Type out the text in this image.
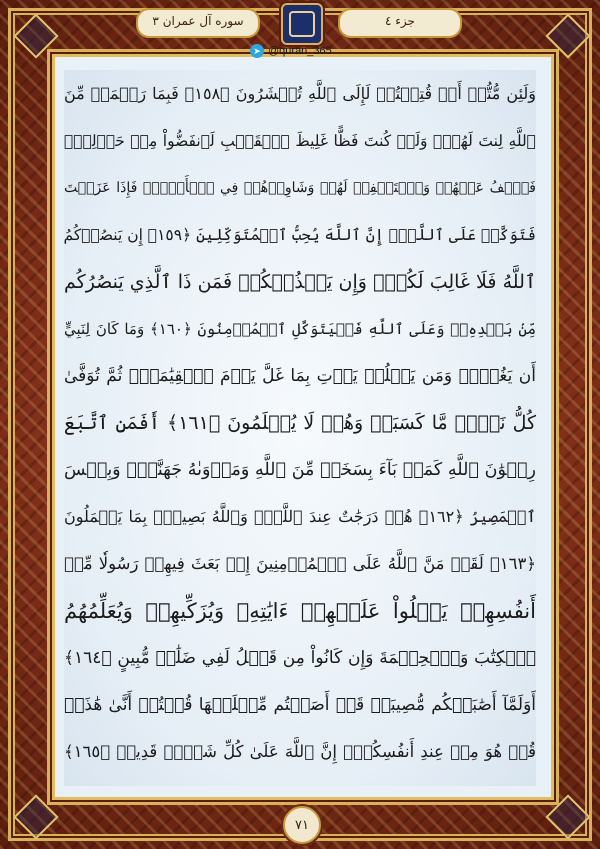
جزء ٤
سوره آل عمران ٣
وَلَئِن مُّتُّمۡ أَوۡ قُتِلۡتُمۡ لَإِلَى ٱللَّهِ تُحۡشَرُونَ ﴿١٥٨﴾ فَبِمَا رَحۡمَةٖ مِّنَ
ٱللَّهِ لِنتَ لَهُمۡۖ وَلَوۡ كُنتَ فَظًّا غَلِيظَ ٱلۡقَلۡبِ لَٱنفَضُّواْ مِنۡ حَوۡلِكَۖ
فَٱعۡفُ عَنۡهُمۡ وَٱسۡتَغۡفِرۡ لَهُمۡ وَشَاوِرۡهُمۡ فِي ٱلۡأَمۡرِۖ فَإِذَا عَزَمۡتَ
فَتَوَكَّلۡ عَلَى ٱللَّهِۚ إِنَّ ٱللَّهَ يُحِبُّ ٱلۡمُتَوَكِّلِينَ ﴿١٥٩﴾ إِن يَنصُرۡكُمُ
ٱللَّهُ فَلَا غَالِبَ لَكُمۡۖ وَإِن يَخۡذُلۡكُمۡ فَمَن ذَا ٱلَّذِي يَنصُرُكُم
مِّنۢ بَعۡدِهِۦۗ وَعَلَى ٱللَّهِ فَلۡيَتَوَكَّلِ ٱلۡمُؤۡمِنُونَ ﴿١٦٠﴾ وَمَا كَانَ لِنَبِيٍّ
أَن يَغُلَّۚ وَمَن يَغۡلُلۡ يَأۡتِ بِمَا غَلَّ يَوۡمَ ٱلۡقِيَٰمَةِۚ ثُمَّ تُوَفَّىٰ
كُلُّ نَفۡسٖ مَّا كَسَبَتۡ وَهُمۡ لَا يُظۡلَمُونَ ﴿١٦١﴾ أَفَمَنِ ٱتَّبَعَ
رِضۡوَٰنَ ٱللَّهِ كَمَنۢ بَآءَ بِسَخَطٖ مِّنَ ٱللَّهِ وَمَأۡوَىٰهُ جَهَنَّمُۖ وَبِئۡسَ
ٱلۡمَصِيرُ ﴿١٦٢﴾ هُمۡ دَرَجَٰتٌ عِندَ ٱللَّهِۗ وَٱللَّهُ بَصِيرُۢ بِمَا يَعۡمَلُونَ
﴿١٦٣﴾ لَقَدۡ مَنَّ ٱللَّهُ عَلَى ٱلۡمُؤۡمِنِينَ إِذۡ بَعَثَ فِيهِمۡ رَسُولٗا مِّنۡ
أَنفُسِهِمۡ يَتۡلُواْ عَلَيۡهِمۡ ءَايَٰتِهِۦ وَيُزَكِّيهِمۡ وَيُعَلِّمُهُمُ
ٱلۡكِتَٰبَ وَٱلۡحِكۡمَةَ وَإِن كَانُواْ مِن قَبۡلُ لَفِي ضَلَٰلٖ مُّبِينٍ ﴿١٦٤﴾
أَوَلَمَّآ أَصَٰبَتۡكُم مُّصِيبَةٞ قَدۡ أَصَبۡتُم مِّثۡلَيۡهَا قُلۡتُمۡ أَنَّىٰ هَٰذَاۖ
قُلۡ هُوَ مِنۡ عِندِ أَنفُسِكُمۡۗ إِنَّ ٱللَّهَ عَلَىٰ كُلِّ شَيۡءٖ قَدِيرٞ ﴿١٦٥﴾
➤ @quran_365
٧١
